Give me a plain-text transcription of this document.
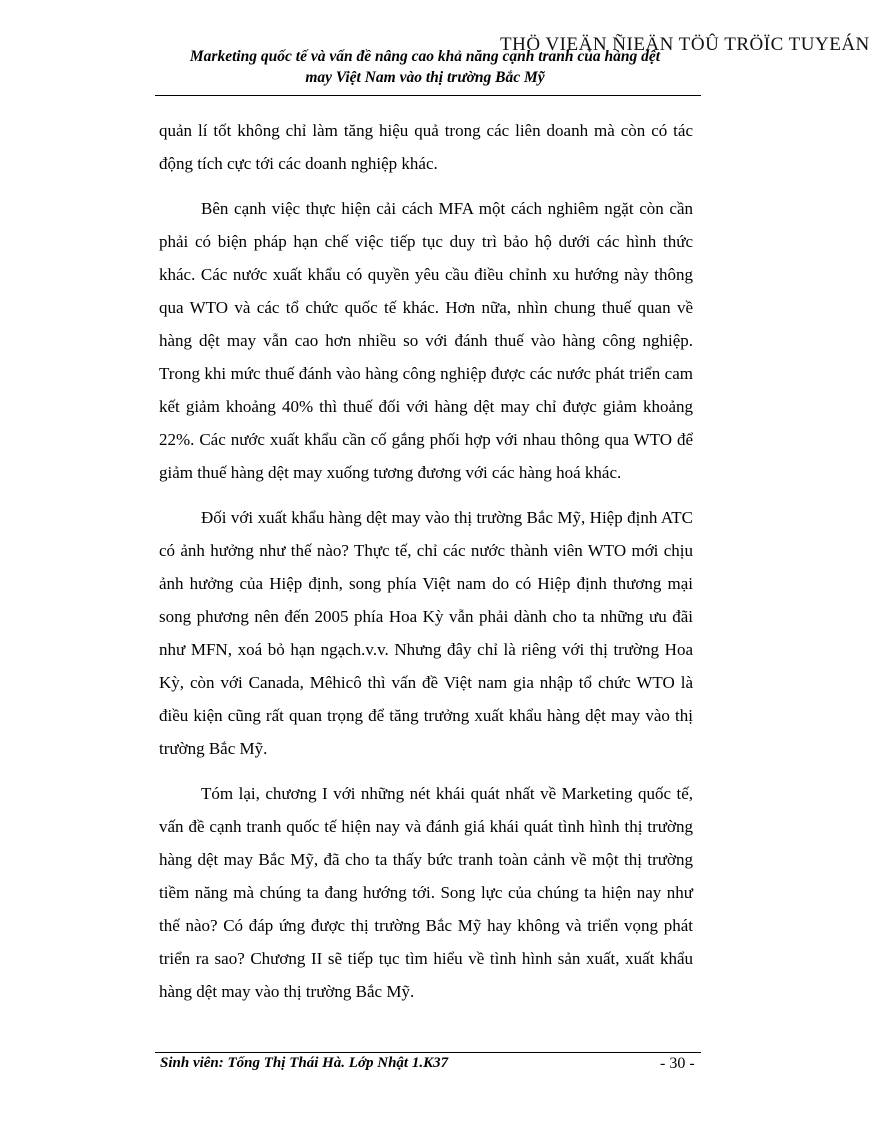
THÖ VIEÄN ÑIEÄN TÖÛ TRÖÏC TUYEÁN
Marketing quốc tế và vấn đề nâng cao khả năng cạnh tranh của hàng dệt
may Việt Nam vào thị trường Bắc Mỹ

quản lí tốt không chỉ làm tăng hiệu quả trong các liên doanh mà còn có tác động tích cực tới các doanh nghiệp khác.

Bên cạnh việc thực hiện cải cách MFA một cách nghiêm ngặt còn cần phải có biện pháp hạn chế việc tiếp tục duy trì bảo hộ dưới các hình thức khác. Các nước xuất khẩu có quyền yêu cầu điều chỉnh xu hướng này thông qua WTO và các tổ chức quốc tế khác. Hơn nữa, nhìn chung thuế quan về hàng dệt may vẫn cao hơn nhiều so với đánh thuế vào hàng công nghiệp. Trong khi mức thuế đánh vào hàng công nghiệp được các nước phát triển cam kết giảm khoảng 40% thì thuế đối với hàng dệt may chỉ được giảm khoảng 22%. Các nước xuất khẩu cần cố gắng phối hợp với nhau thông qua WTO để giảm thuế hàng dệt may xuống tương đương với các hàng hoá khác.

Đối với xuất khẩu hàng dệt may vào thị trường Bắc Mỹ, Hiệp định ATC có ảnh hưởng như thế nào? Thực tế, chỉ các nước thành viên WTO mới chịu ảnh hưởng của Hiệp định, song phía Việt nam do có Hiệp định thương mại song phương nên đến 2005 phía Hoa Kỳ vẫn phải dành cho ta những ưu đãi như MFN, xoá bỏ hạn ngạch.v.v. Nhưng đây chỉ là riêng với thị trường Hoa Kỳ, còn với Canada, Mêhicô thì vấn đề Việt nam gia nhập tổ chức WTO là điều kiện cũng rất quan trọng để tăng trưởng xuất khẩu hàng dệt may vào thị trường Bắc Mỹ.

Tóm lại, chương I với những nét khái quát nhất về Marketing quốc tế, vấn đề cạnh tranh quốc tế hiện nay và đánh giá khái quát tình hình thị trường hàng dệt may Bắc Mỹ, đã cho ta thấy bức tranh toàn cảnh về một thị trường tiềm năng mà chúng ta đang hướng tới. Song lực của chúng ta hiện nay như thế nào? Có đáp ứng được thị trường Bắc Mỹ hay không và triển vọng phát triển ra sao? Chương II sẽ tiếp tục tìm hiểu về tình hình sản xuất, xuất khẩu hàng dệt may vào thị trường Bắc Mỹ.

Sinh viên: Tống Thị Thái Hà. Lớp Nhật 1.K37	- 30 -
